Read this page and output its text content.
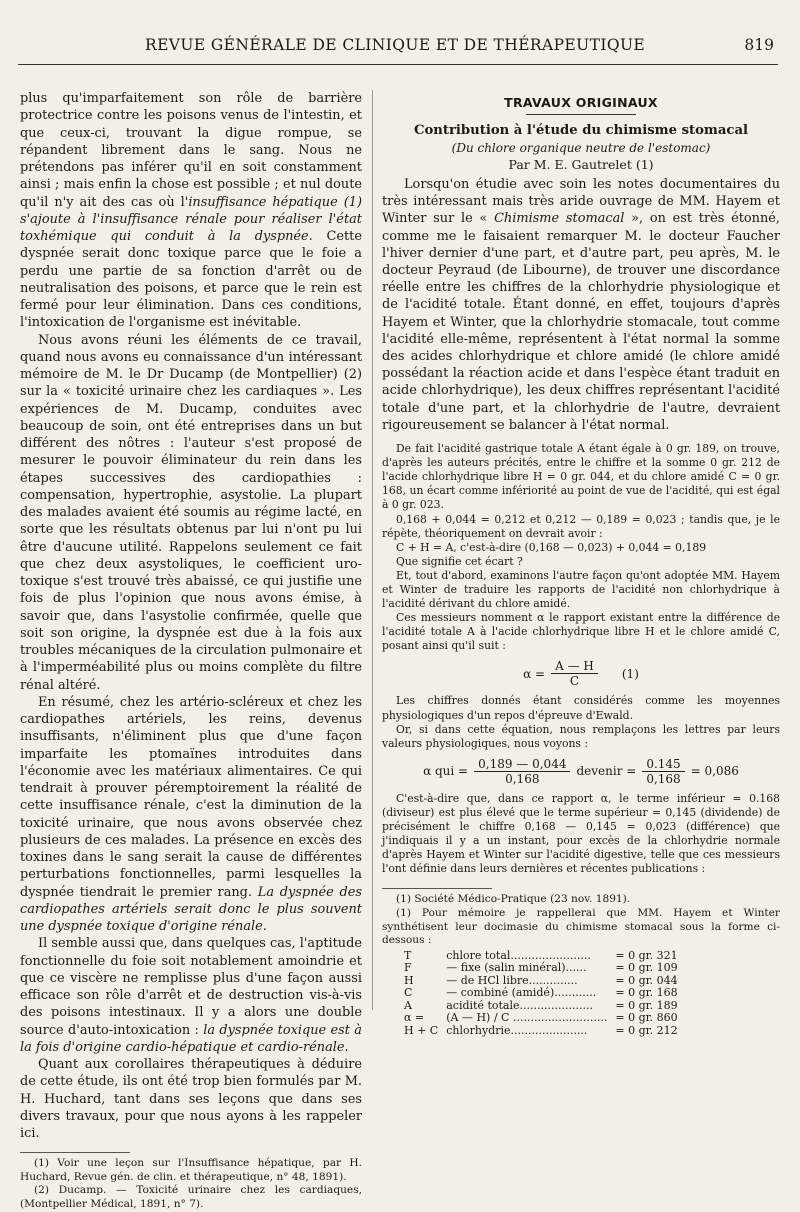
REVUE GÉNÉRALE DE CLINIQUE ET DE THÉRAPEUTIQUE	819

plus qu'imparfaitement son rôle de barrière protectrice contre les poisons venus de l'intestin, et que ceux-ci, trouvant la digue rompue, se répandent librement dans le sang. Nous ne prétendons pas inférer qu'il en soit constamment ainsi ; mais enfin la chose est possible ; et nul doute qu'il n'y ait des cas où l'insuffisance hépatique (1) s'ajoute à l'insuffisance rénale pour réaliser l'état toxhémique qui conduit à la dyspnée. Cette dyspnée serait donc toxique parce que le foie a perdu une partie de sa fonction d'arrêt ou de neutralisation des poisons, et parce que le rein est fermé pour leur élimination. Dans ces conditions, l'intoxication de l'organisme est inévitable.

Nous avons réuni les éléments de ce travail, quand nous avons eu connaissance d'un intéressant mémoire de M. le Dr Ducamp (de Montpellier) (2) sur la « toxicité urinaire chez les cardiaques ». Les expériences de M. Ducamp, conduites avec beaucoup de soin, ont été entreprises dans un but différent des nôtres : l'auteur s'est proposé de mesurer le pouvoir éliminateur du rein dans les étapes successives des cardiopathies : compensation, hypertrophie, asystolie. La plupart des malades avaient été soumis au régime lacté, en sorte que les résultats obtenus par lui n'ont pu lui être d'aucune utilité. Rappelons seulement ce fait que chez deux asystoliques, le coefficient uro-toxique s'est trouvé très abaissé, ce qui justifie une fois de plus l'opinion que nous avons émise, à savoir que, dans l'asystolie confirmée, quelle que soit son origine, la dyspnée est due à la fois aux troubles mécaniques de la circulation pulmonaire et à l'imperméabilité plus ou moins complète du filtre rénal altéré.

En résumé, chez les artério-scléreux et chez les cardiopathes artériels, les reins, devenus insuffisants, n'éliminent plus que d'une façon imparfaite les ptomaïnes introduites dans l'économie avec les matériaux alimentaires. Ce qui tendrait à prouver péremptoirement la réalité de cette insuffisance rénale, c'est la diminution de la toxicité urinaire, que nous avons observée chez plusieurs de ces malades. La présence en excès des toxines dans le sang serait la cause de différentes perturbations fonctionnelles, parmi lesquelles la dyspnée tiendrait le premier rang. La dyspnée des cardiopathes artériels serait donc le plus souvent une dyspnée toxique d'origine rénale.

Il semble aussi que, dans quelques cas, l'aptitude fonctionnelle du foie soit notablement amoindrie et que ce viscère ne remplisse plus d'une façon aussi efficace son rôle d'arrêt et de destruction vis-à-vis des poisons intestinaux. Il y a alors une double source d'auto-intoxication : la dyspnée toxique est à la fois d'origine cardio-hépatique et cardio-rénale.

Quant aux corollaires thérapeutiques à déduire de cette étude, ils ont été trop bien formulés par M. H. Huchard, tant dans ses leçons que dans ses divers travaux, pour que nous ayons à les rappeler ici.

(1) Voir une leçon sur l'Insuffisance hépatique, par H. Huchard, Revue gén. de clin. et thérapeutique, n° 48, 1891).

(2) Ducamp. — Toxicité urinaire chez les cardiaques, (Montpellier Médical, 1891, n° 7).

TRAVAUX ORIGINAUX
Contribution à l'étude du chimisme stomacal
(Du chlore organique neutre de l'estomac)
Par M. E. Gautrelet (1)

Lorsqu'on étudie avec soin les notes documentaires du très intéressant mais très aride ouvrage de MM. Hayem et Winter sur le « Chimisme stomacal », on est très étonné, comme me le faisaient remarquer M. le docteur Faucher l'hiver dernier d'une part, et d'autre part, peu après, M. le docteur Peyraud (de Libourne), de trouver une discordance réelle entre les chiffres de la chlorhydrie physiologique et de l'acidité totale. Étant donné, en effet, toujours d'après Hayem et Winter, que la chlorhydrie stomacale, tout comme l'acidité elle-même, représentent à l'état normal la somme des acides chlorhydrique et chlore amidé (le chlore amidé possédant la réaction acide et dans l'espèce étant traduit en acide chlorhydrique), les deux chiffres représentant l'acidité totale d'une part, et la chlorhydrie de l'autre, devraient rigoureusement se balancer à l'état normal.

De fait l'acidité gastrique totale A étant égale à 0 gr. 189, on trouve, d'après les auteurs précités, entre le chiffre et la somme 0 gr. 212 de l'acide chlorhydrique libre H = 0 gr. 044, et du chlore amidé C = 0 gr. 168, un écart comme infériorité au point de vue de l'acidité, qui est égal à 0 gr. 023.

0,168 + 0,044 = 0,212 et 0,212 — 0,189 = 0,023 ; tandis que, je le répète, théoriquement on devrait avoir :

C + H = A, c'est-à-dire (0,168 — 0,023) + 0,044 = 0,189

Que signifie cet écart ?

Et, tout d'abord, examinons l'autre façon qu'ont adoptée MM. Hayem et Winter de traduire les rapports de l'acidité non chlorhydrique à l'acidité dérivant du chlore amidé.

Ces messieurs nomment α le rapport existant entre la différence de l'acidité totale A à l'acide chlorhydrique libre H et le chlore amidé C, posant ainsi qu'il suit :

$\alpha = \frac{A — H}{C} (1)$

Les chiffres donnés étant considérés comme les moyennes physiologiques d'un repos d'épreuve d'Ewald.

Or, si dans cette équation, nous remplaçons les lettres par leurs valeurs physiologiques, nous voyons :

α qui = $\frac{0,189 — 0,044}{0,168}$ devenir = $\frac{0.145}{0,168} = 0,086$

C'est-à-dire que, dans ce rapport α, le terme inférieur = 0.168 (diviseur) est plus élevé que le terme supérieur = 0,145 (dividende) de précisément le chiffre 0,168 — 0,145 = 0,023 (différence) que j'indiquais il y a un instant, pour excès de la chlorhydrie normale d'après Hayem et Winter sur l'acidité digestive, telle que ces messieurs l'ont définie dans leurs dernières et récentes publications :

(1) Société Médico-Pratique (23 nov. 1891).

(1) Pour mémoire je rappellerai que MM. Hayem et Winter synthétisent leur docimasie du chimisme stomacal sous la forme ci-dessous :

T	chlore total.......................	= 0 gr. 321
F	— fixe (salin minéral)......	= 0 gr. 109
H	— de HCl libre..............	= 0 gr. 044
C	— combiné (amidé)............	= 0 gr. 168
A	acidité totale.....................	= 0 gr. 189
α =	(A — H) / C ...........................	= 0 gr. 860
H + C	chlorhydrie......................	= 0 gr. 212
